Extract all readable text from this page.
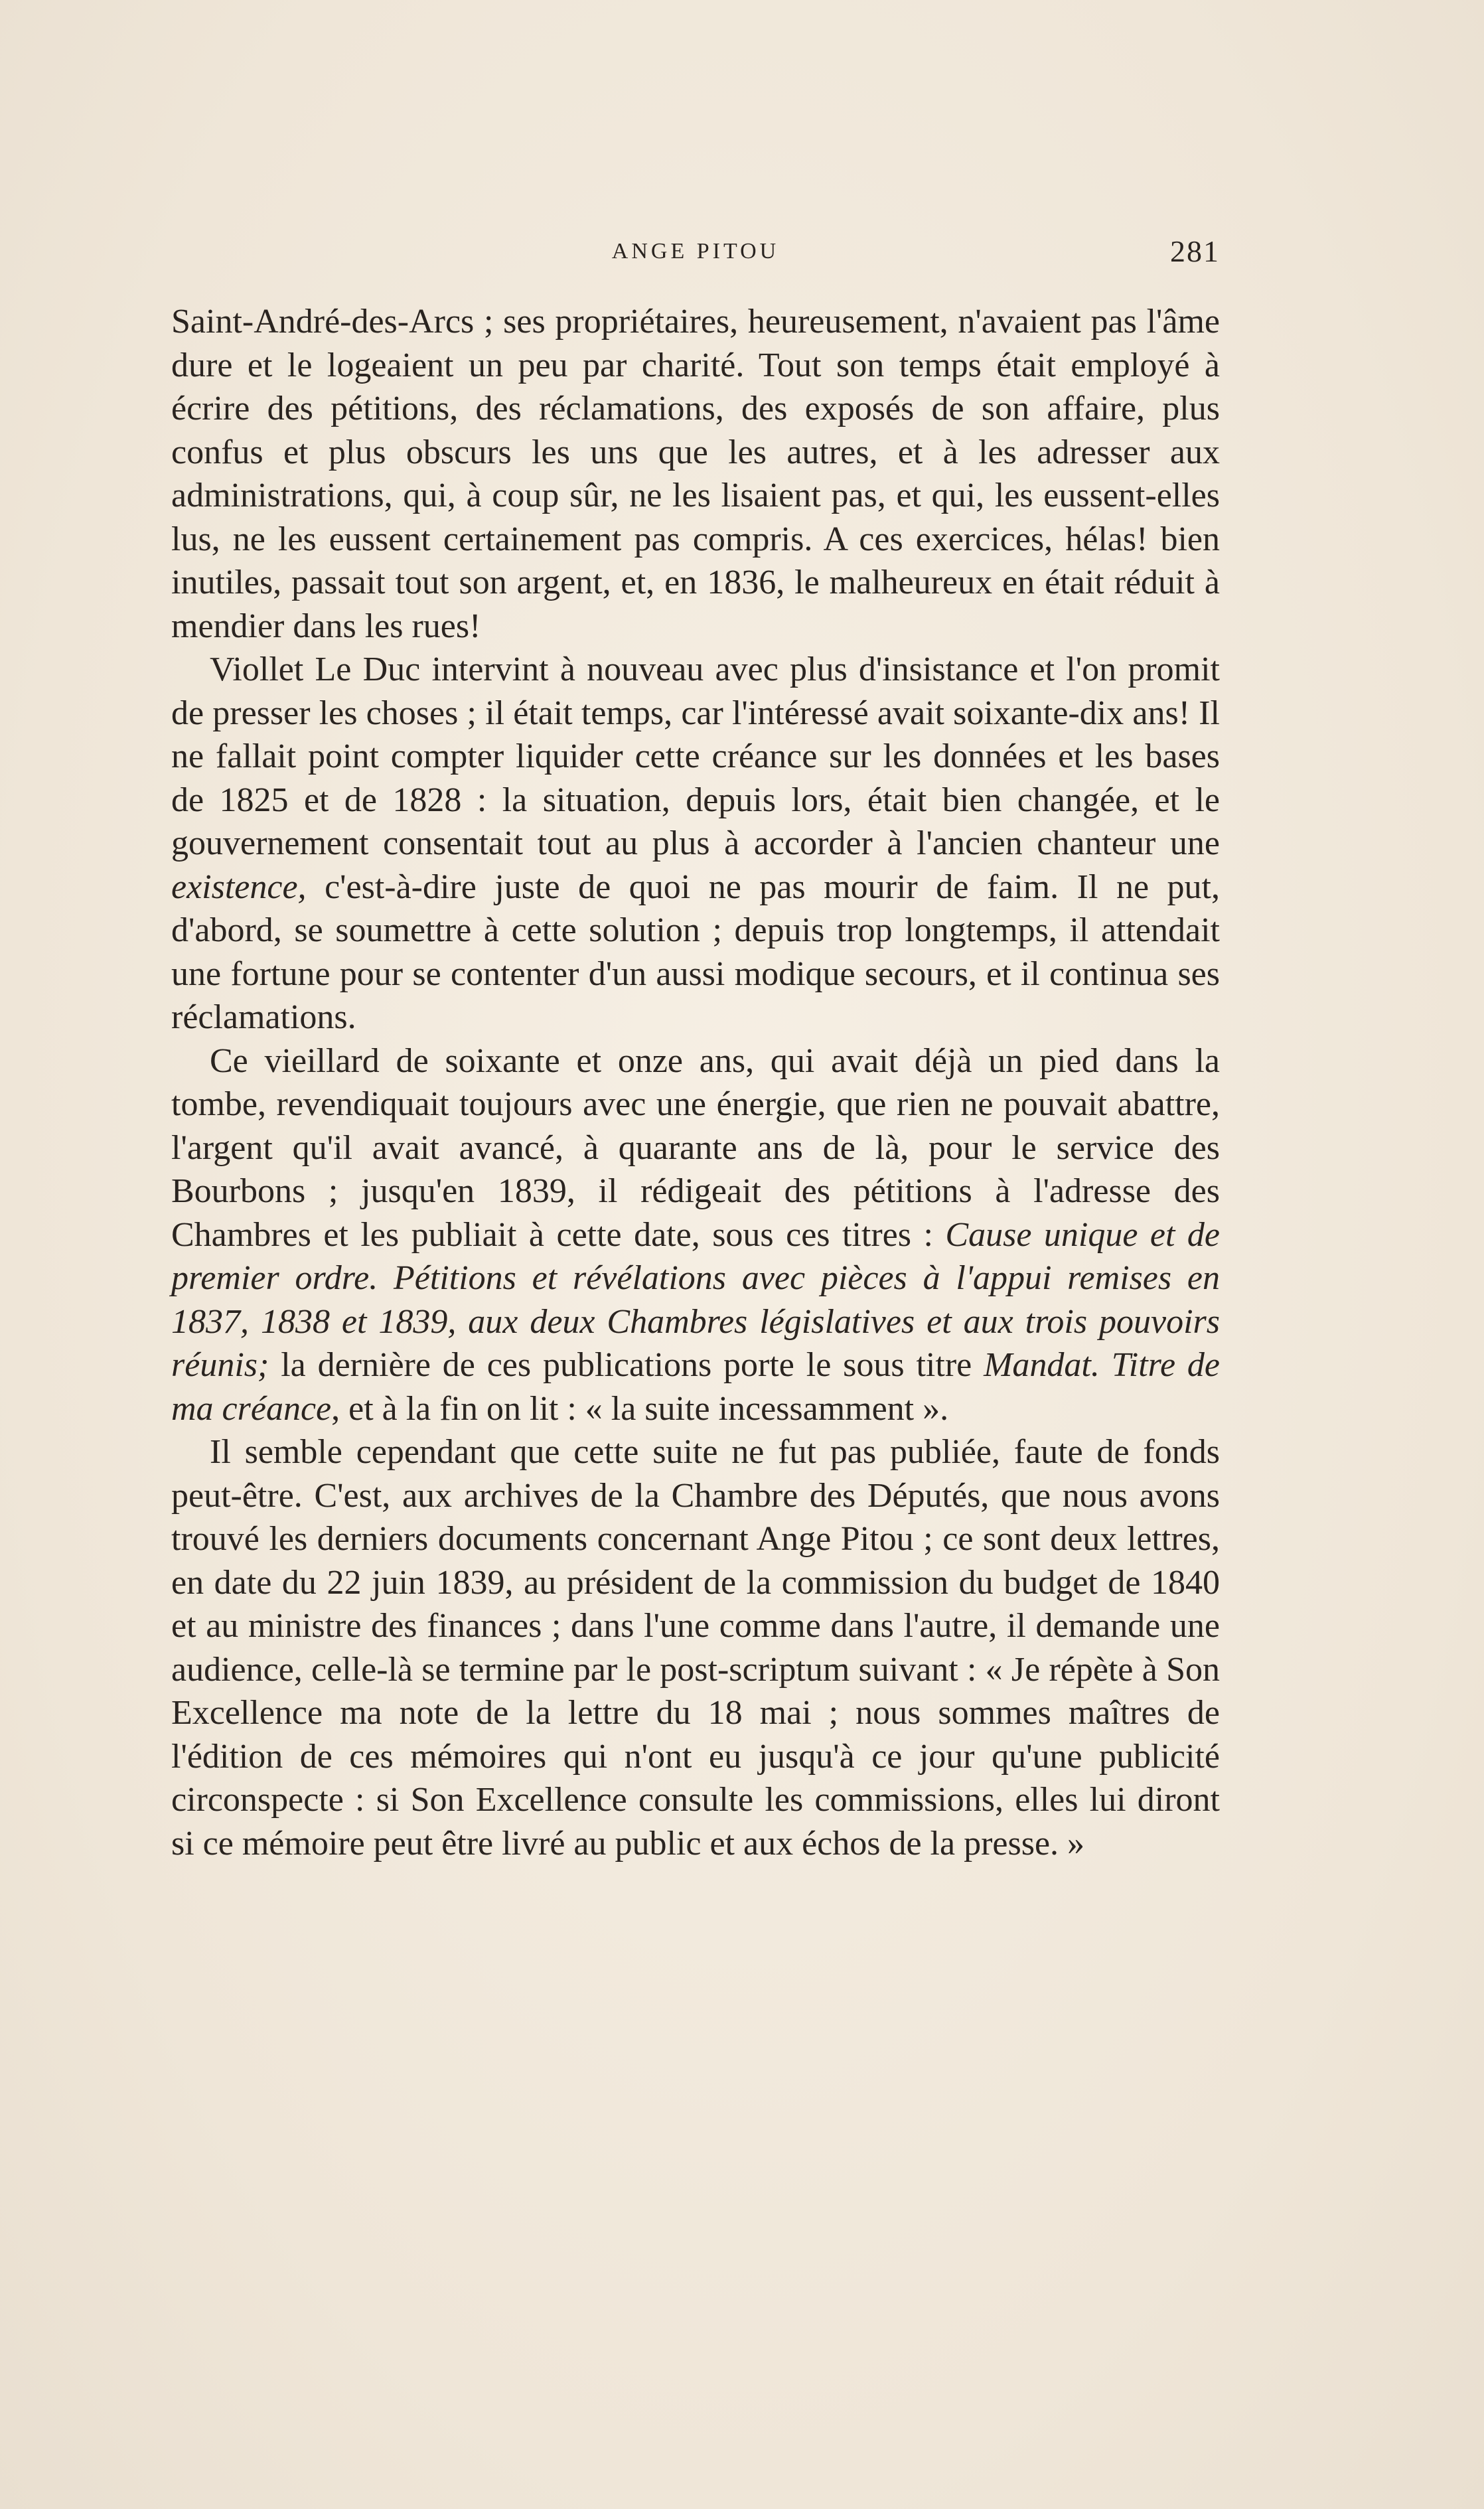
ANGE PITOU	281

Saint-André-des-Arcs ; ses propriétaires, heureusement, n'avaient pas l'âme dure et le logeaient un peu par charité. Tout son temps était employé à écrire des pétitions, des réclamations, des exposés de son affaire, plus confus et plus obscurs les uns que les autres, et à les adresser aux administrations, qui, à coup sûr, ne les lisaient pas, et qui, les eussent-elles lus, ne les eussent certainement pas compris. A ces exercices, hélas! bien inutiles, passait tout son argent, et, en 1836, le malheureux en était réduit à mendier dans les rues!

Viollet Le Duc intervint à nouveau avec plus d'insistance et l'on promit de presser les choses ; il était temps, car l'intéressé avait soixante-dix ans! Il ne fallait point compter liquider cette créance sur les données et les bases de 1825 et de 1828 : la situation, depuis lors, était bien changée, et le gouvernement consentait tout au plus à accorder à l'ancien chanteur une existence, c'est-à-dire juste de quoi ne pas mourir de faim. Il ne put, d'abord, se soumettre à cette solution ; depuis trop longtemps, il attendait une fortune pour se contenter d'un aussi modique secours, et il continua ses réclamations.

Ce vieillard de soixante et onze ans, qui avait déjà un pied dans la tombe, revendiquait toujours avec une énergie, que rien ne pouvait abattre, l'argent qu'il avait avancé, à quarante ans de là, pour le service des Bourbons ; jusqu'en 1839, il rédigeait des pétitions à l'adresse des Chambres et les publiait à cette date, sous ces titres : Cause unique et de premier ordre. Pétitions et révélations avec pièces à l'appui remises en 1837, 1838 et 1839, aux deux Chambres législatives et aux trois pouvoirs réunis; la dernière de ces publications porte le sous titre Mandat. Titre de ma créance, et à la fin on lit : « la suite incessamment ».

Il semble cependant que cette suite ne fut pas publiée, faute de fonds peut-être. C'est, aux archives de la Chambre des Députés, que nous avons trouvé les derniers documents concernant Ange Pitou ; ce sont deux lettres, en date du 22 juin 1839, au président de la commission du budget de 1840 et au ministre des finances ; dans l'une comme dans l'autre, il demande une audience, celle-là se termine par le post-scriptum suivant : « Je répète à Son Excellence ma note de la lettre du 18 mai ; nous sommes maîtres de l'édition de ces mémoires qui n'ont eu jusqu'à ce jour qu'une publicité circonspecte : si Son Excellence consulte les commissions, elles lui diront si ce mémoire peut être livré au public et aux échos de la presse. »
